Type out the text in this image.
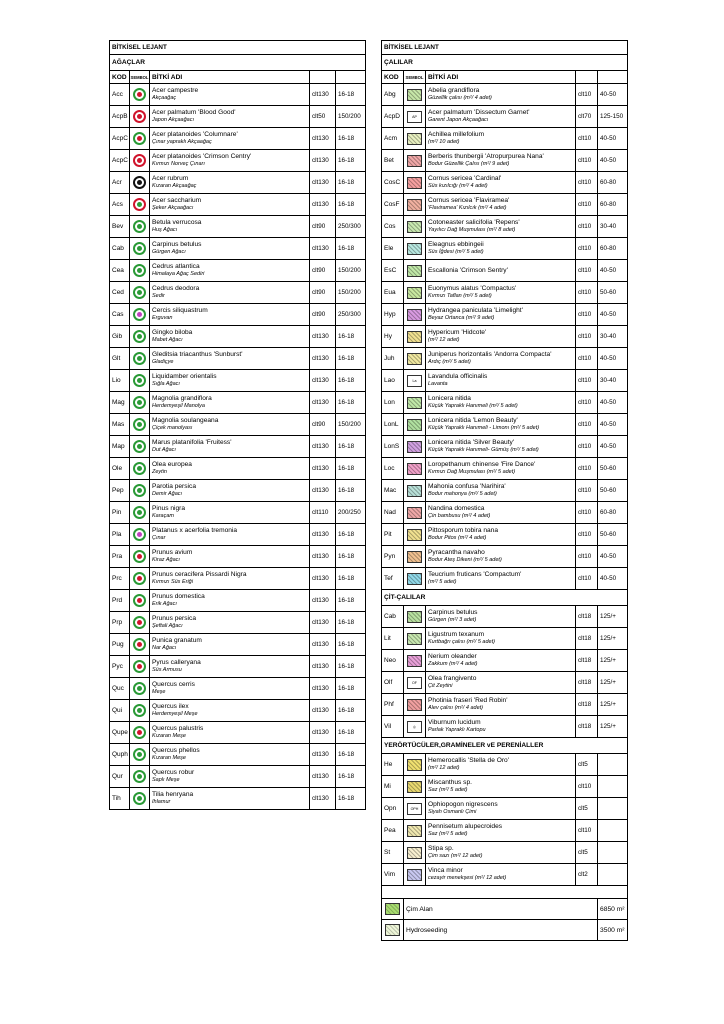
BİTKİSEL LEJANT				
AĞAÇLAR				
KOD	SEMBOL	BİTKİ ADI		
Acc		Acer campestre
Akçaağaç	clt130	16-18
AcpB		Acer palmatum 'Blood Good'
Japon Akçaağacı	clt50	150/200
AcpC		Acer platanoides 'Columnare'
Çınar yapraklı Akçaağaç	clt130	16-18
AcpC		Acer platanoides 'Crimson Centry'
Kırmızı Norveç Çınarı	clt130	16-18
Acr		Acer rubrum
Kızaran Akçaağaç	clt130	16-18
Acs		Acer saccharium
Şeker Akçaağacı	clt130	16-18
Bev		Betula verrucosa
Huş Ağacı	clt90	250/300
Cab		Carpinus betulus
Gürgen Ağacı	clt130	16-18
Cea		Cedrus atlantica
Himalaya Ağaç Sediri	clt90	150/200
Ced		Cedrus deodora
Sedir	clt90	150/200
Cas		Cercis siliquastrum
Erguvan	clt90	250/300
Gib		Gingko biloba
Mabet Ağacı	clt130	16-18
Glt		Gleditsia triacanthus 'Sunburst'
Gladiçye	clt130	16-18
Lio		Liquidamber orientalis
Sığla Ağacı	clt130	16-18
Mag		Magnolia grandiflora
Herdemyeşil Manolya	clt130	16-18
Mas		Magnolia soulangeana
Çiçek manolyası	clt90	150/200
Map		Marus platanifolia 'Fruitess'
Dut Ağacı	clt130	16-18
Ole		Olea europea
Zeytin	clt130	16-18
Pep		Parotia persica
Demir Ağacı	clt130	16-18
Pin		Pinus nigra
Karaçam	clt110	200/250
Pla		Platanus x acerfolia tremonia
Çınar	clt130	16-18
Pra		Prunus avium
Kiraz Ağacı	clt130	16-18
Prc		Prunus ceracifera Pissardi Nigra
Kırmızı Süs Eriği	clt130	16-18
Prd		Prunus domestica
Erik Ağacı	clt130	16-18
Prp		Prunus persica
Şeftali Ağacı	clt130	16-18
Pug		Punica granatum
Nar Ağacı	clt130	16-18
Pyc		Pyrus calleryana
Süs Armusu	clt130	16-18
Quc		Quercus cerris
Meşe	clt130	16-18
Qui		Quercus ilex
Herdemyeşil Meşe	clt130	16-18
Qupe		Quercus palustris
Kızaran Meşe	clt130	16-18
Quph		Quercus phellos
Kızaran Meşe	clt130	16-18
Qur		Quercus robur
Saplı Meşe	clt130	16-18
Tih		Tilia henryana
Ihlamur	clt130	16-18
BİTKİSEL LEJANT				
ÇALILAR				
KOD	SEMBOL	BİTKİ ADI		
Abg		Abelia grandiflora
Güzellik çalısı (m²/ 4 adet)	clt10	40-50
AcpD	AP	Acer palmatum 'Dissectum Garnet'
Garent Japon Akçaağacı	clt70	125-150
Acm		Achillea millefolium
(m²/ 10 adet)	clt10	40-50
Bet		Berberis thunbergii 'Atropurpurea Nana'
Bodur Güzellik Çalısı (m²/ 9 adet)	clt10	40-50
CosC		Cornus sericea 'Cardinal'
Süs kızılcığı (m²/ 4 adet)	clt10	60-80
CosF		Cornus sericea 'Flaviramea'
'Flaviramea' Kızılcık (m²/ 4 adet)	clt10	60-80
Cos		Cotoneaster salicifolia 'Repens'
Yayılıcı Dağ Muşmulası (m²/ 8 adet)	clt10	30-40
Ele		Eleagnus ebbingeii
Süs İğdesi (m²/ 5 adet)	clt10	60-80
EsC		Escallonia 'Crimson Sentry'	clt10	40-50
Eua		Euonymus alatus 'Compactus'
Kırmızı Taflan (m²/ 5 adet)	clt10	50-60
Hyp		Hydrangea paniculata 'Limelight'
Beyaz Ortanca (m²/ 9 adet)	clt10	40-50
Hy		Hypericum 'Hidcote'
(m²/ 12 adet)	clt10	30-40
Juh		Juniperus horizontalis 'Andorra Compacta'
Ardıç (m²/ 5 adet)	clt10	40-50
Lao	La	Lavandula officinalis
Lavanta	clt10	30-40
Lon		Lonicera nitida
Küçük Yapraklı Hanımeli (m²/ 5 adet)	clt10	40-50
LonL		Lonicera nitida 'Lemon Beauty'
Küçük Yapraklı Hanımeli - Limonı (m²/ 5 adet)	clt10	40-50
LonS		Lonicera nitida 'Silver Beauty'
Küçük Yapraklı Hanımeli- Gümüş (m²/ 5 adet)	clt10	40-50
Loc		Loropethanum chinense 'Fire Dance'
Kırmızı Dağ Muşmulası (m²/ 5 adet)	clt10	50-60
Mac		Mahonia confusa 'Narihira'
Bodur mahonya (m²/ 5 adet)	clt10	50-60
Nad		Nandina domestica
Çin bambusu (m²/ 4 adet)	clt10	60-80
Pit		Pittosporum tobira nana
Bodur Pitos (m²/ 4 adet)	clt10	50-60
Pyn		Pyracantha navaho
Bodur Ateş Dikeni (m²/ 5 adet)	clt10	40-50
Tef		Teucrium fruticans 'Compactum'
(m²/ 5 adet)	clt10	40-50
ÇİT-ÇALILAR				
Cab		Carpinus betulus
Gürgen (m²/ 3 adet)	clt18	125/+
Lit		Ligustrum texanum
Kurtbağrı çalısı (m²/ 5 adet)	clt18	125/+
Neo		Nerium oleander
Zakkum (m²/ 4 adet)	clt18	125/+
Olf	OF	Olea frangivento
Çit Zeytini	clt18	125/+
Phf		Photinia fraseri 'Red Robin'
Alev çalısı (m²/ 4 adet)	clt18	125/+
Vil	◎	Viburnum lucidum
Parlak Yapraklı Kartopu	clt18	125/+
YERÖRTÜCÜLER,GRAMİNELER vE PERENİALLER				
He		Hemerocallis 'Stella de Oro'
(m²/ 12 adet)	clt5	
Mi		Miscanthus sp.
Saz (m²/ 5 adet)	clt10	
Opn	OPH	Ophiopogon nigrescens
Siyah Osmanlı Çimi	clt5	
Pea		Pennisetum alupecroides
Saz (m²/ 5 adet)	clt10	
St		Stipa sp.
Çim sazı (m²/ 12 adet)	clt5	
Vim		Vinca minor
cezayir menekşesi (m²/ 12 adet)	clt2	

	Çim Alan			6850 m²

	Hydroseeding			3500 m²
